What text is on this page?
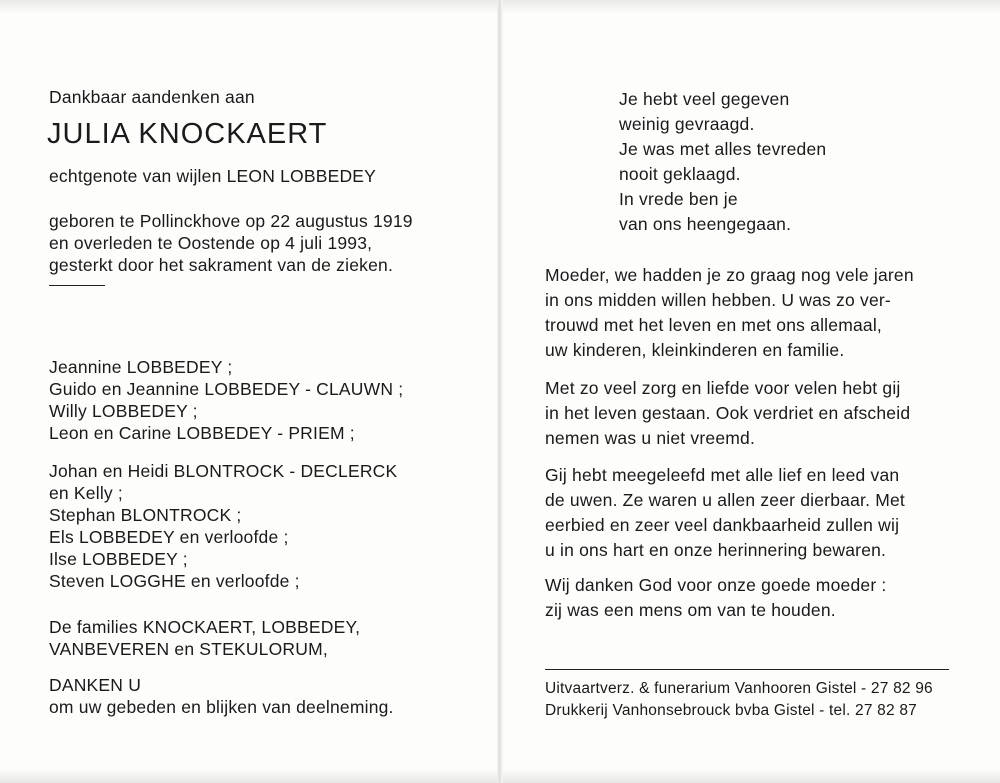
Dankbaar aandenken aan
JULIA KNOCKAERT
echtgenote van wijlen LEON LOBBEDEY
geboren te Pollinckhove op 22 augustus 1919
en overleden te Oostende op 4 juli 1993,
gesterkt door het sakrament van de zieken.
Jeannine LOBBEDEY ;
Guido en Jeannine LOBBEDEY - CLAUWN ;
Willy LOBBEDEY ;
Leon en Carine LOBBEDEY - PRIEM ;
Johan en Heidi BLONTROCK - DECLERCK
en Kelly ;
Stephan BLONTROCK ;
Els LOBBEDEY en verloofde ;
Ilse LOBBEDEY ;
Steven LOGGHE en verloofde ;
De families KNOCKAERT, LOBBEDEY,
VANBEVEREN en STEKULORUM,
DANKEN U
om uw gebeden en blijken van deelneming.
Je hebt veel gegeven
weinig gevraagd.
Je was met alles tevreden
nooit geklaagd.
In vrede ben je
van ons heengegaan.
Moeder, we hadden je zo graag nog vele jaren
in ons midden willen hebben. U was zo ver-
trouwd met het leven en met ons allemaal,
uw kinderen, kleinkinderen en familie.
Met zo veel zorg en liefde voor velen hebt gij
in het leven gestaan. Ook verdriet en afscheid
nemen was u niet vreemd.
Gij hebt meegeleefd met alle lief en leed van
de uwen. Ze waren u allen zeer dierbaar. Met
eerbied en zeer veel dankbaarheid zullen wij
u in ons hart en onze herinnering bewaren.
Wij danken God voor onze goede moeder :
zij was een mens om van te houden.
Uitvaartverz. & funerarium Vanhooren Gistel - 27 82 96
Drukkerij Vanhonsebrouck bvba Gistel - tel. 27 82 87
